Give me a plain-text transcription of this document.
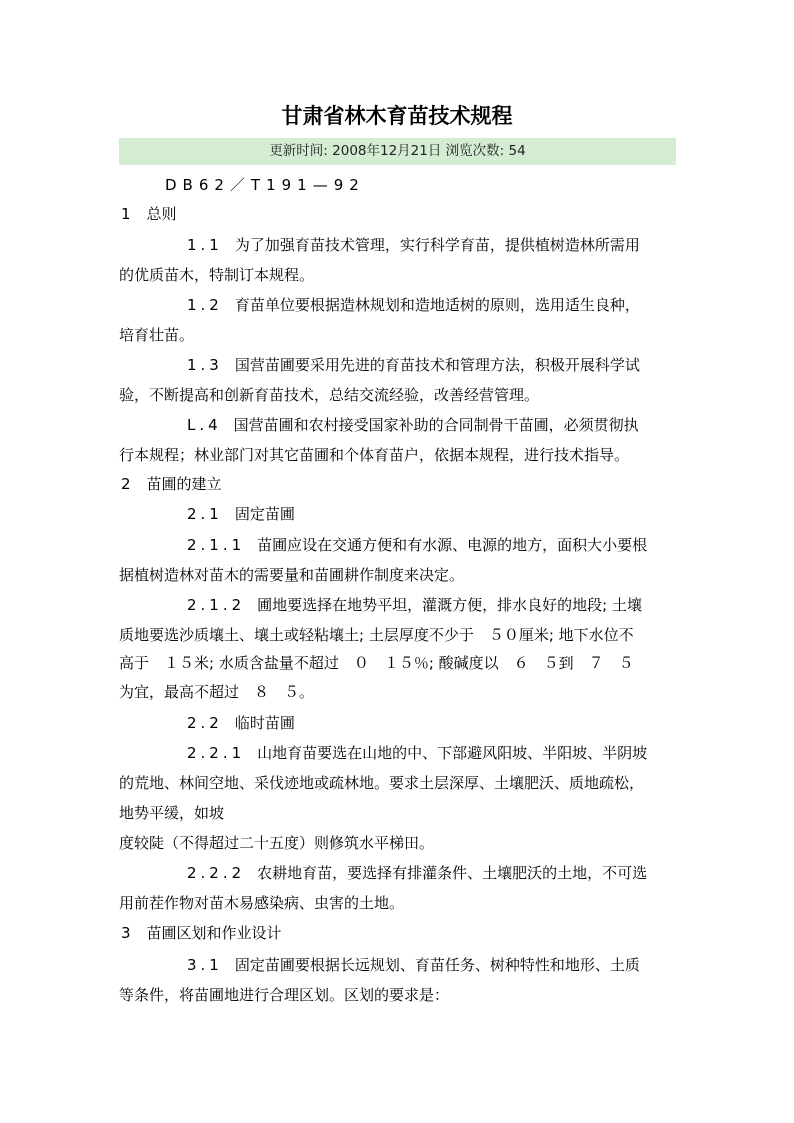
甘肃省林木育苗技术规程
更新时间: 2008年12月21日 浏览次数: 54
DB62／T191—92
1 总则
1.1 为了加强育苗技术管理，实行科学育苗，提供植树造林所需用
的优质苗木，特制订本规程。
1.2 育苗单位要根据造林规划和造地适树的原则，选用适生良种，
培育壮苗。
1.3 国营苗圃要采用先进的育苗技术和管理方法，积极开展科学试
验，不断提高和创新育苗技术，总结交流经验，改善经营管理。
L.4 国营苗圃和农村接受国家补助的合同制骨干苗圃，必须贯彻执
行本规程；林业部门对其它苗圃和个体育苗户，依据本规程，进行技术指导。
2 苗圃的建立
2.1 固定苗圃
2.1.1 苗圃应设在交通方便和有水源、电源的地方，面积大小要根
据植树造林对苗木的需要量和苗圃耕作制度来决定。
2.1.2 圃地要选择在地势平坦，灌溉方便，排水良好的地段; 土壤
质地要选沙质壤土、壤土或轻粘壤土; 土层厚度不少于　５０厘米; 地下水位不
高于　１５米; 水质含盐量不超过　０　１５％; 酸碱度以　６　５到　７　５
为宜，最高不超过　８　５。
2.2 临时苗圃
2.2.1 山地育苗要选在山地的中、下部避风阳坡、半阳坡、半阴坡
的荒地、林间空地、采伐迹地或疏林地。要求土层深厚、土壤肥沃、质地疏松，
地势平缓，如坡
度较陡（不得超过二十五度）则修筑水平梯田。
2.2.2 农耕地育苗，要选择有排灌条件、土壤肥沃的土地，不可选
用前茬作物对苗木易感染病、虫害的土地。
3 苗圃区划和作业设计
3.1 固定苗圃要根据长远规划、育苗任务、树种特性和地形、土质
等条件，将苗圃地进行合理区划。区划的要求是：
